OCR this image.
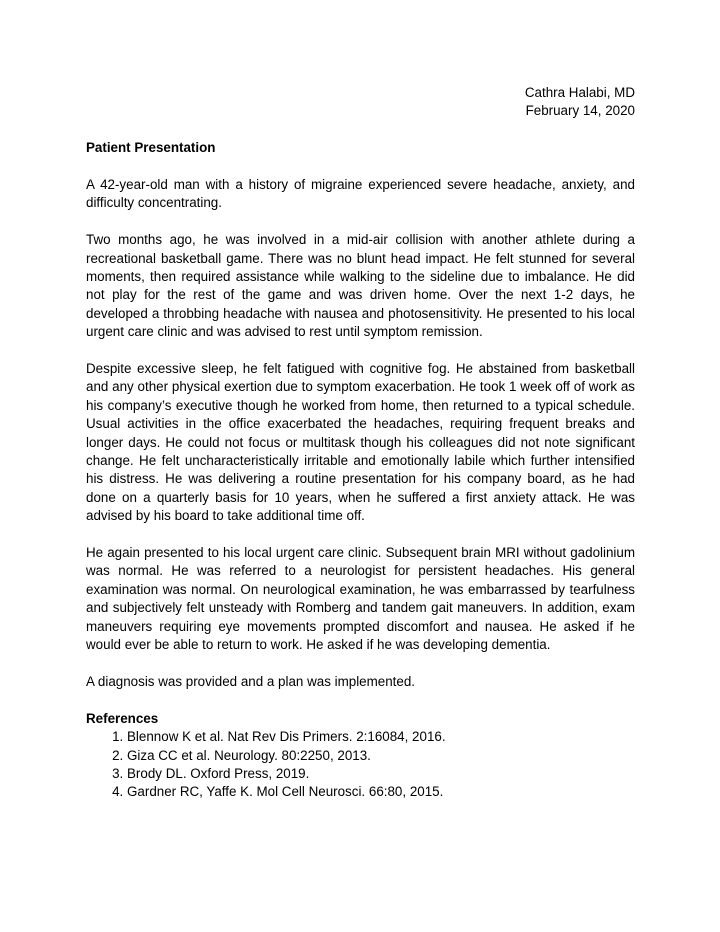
Cathra Halabi, MD
February 14, 2020
Patient Presentation

A 42-year-old man with a history of migraine experienced severe headache, anxiety, and difficulty concentrating.

Two months ago, he was involved in a mid-air collision with another athlete during a recreational basketball game. There was no blunt head impact. He felt stunned for several moments, then required assistance while walking to the sideline due to imbalance. He did not play for the rest of the game and was driven home. Over the next 1-2 days, he developed a throbbing headache with nausea and photosensitivity. He presented to his local urgent care clinic and was advised to rest until symptom remission.

Despite excessive sleep, he felt fatigued with cognitive fog. He abstained from basketball and any other physical exertion due to symptom exacerbation. He took 1 week off of work as his company’s executive though he worked from home, then returned to a typical schedule. Usual activities in the office exacerbated the headaches, requiring frequent breaks and longer days. He could not focus or multitask though his colleagues did not note significant change. He felt uncharacteristically irritable and emotionally labile which further intensified his distress. He was delivering a routine presentation for his company board, as he had done on a quarterly basis for 10 years, when he suffered a first anxiety attack. He was advised by his board to take additional time off.

He again presented to his local urgent care clinic. Subsequent brain MRI without gadolinium was normal. He was referred to a neurologist for persistent headaches. His general examination was normal. On neurological examination, he was embarrassed by tearfulness and subjectively felt unsteady with Romberg and tandem gait maneuvers. In addition, exam maneuvers requiring eye movements prompted discomfort and nausea. He asked if he would ever be able to return to work. He asked if he was developing dementia.

A diagnosis was provided and a plan was implemented.

References
1. Blennow K et al. Nat Rev Dis Primers. 2:16084, 2016.
2. Giza CC et al. Neurology. 80:2250, 2013.
3. Brody DL. Oxford Press, 2019.
4. Gardner RC, Yaffe K. Mol Cell Neurosci. 66:80, 2015.
